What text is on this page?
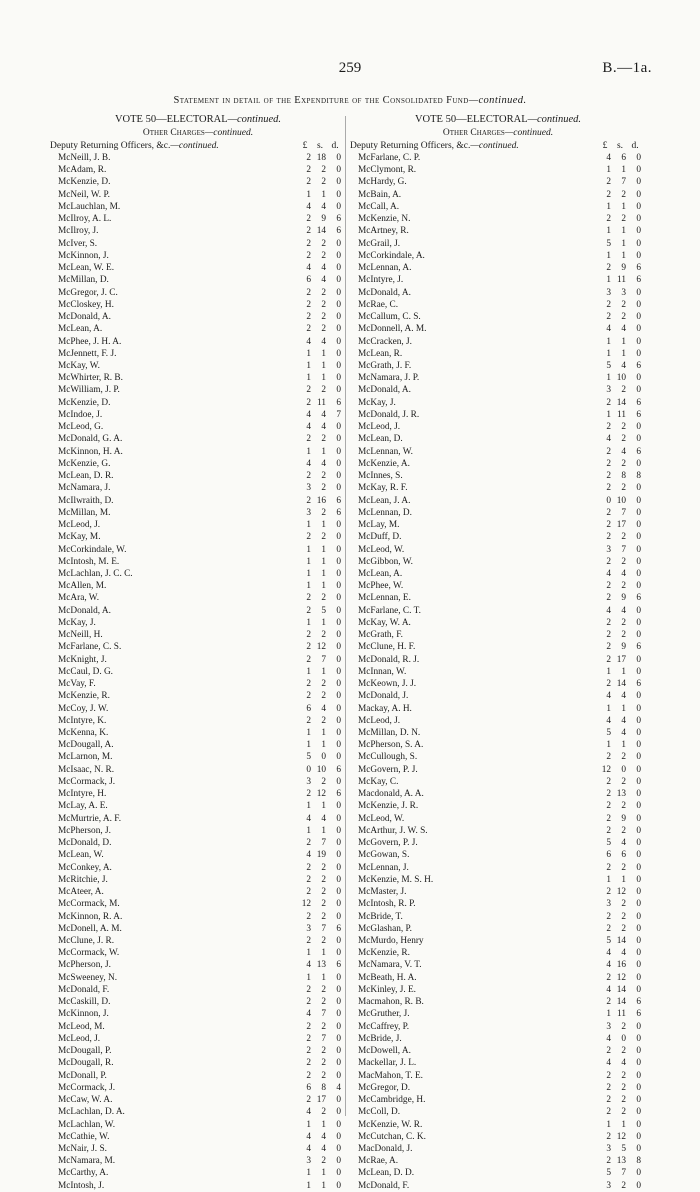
259	B.—1a.
Statement in detail of the Expenditure of the Consolidated Fund—continued.
VOTE 50—ELECTORAL—continued.
Other Charges—continued.
Deputy Returning Officers, &c.—continued.	£	s. d.
McNeill, J. B.	2 18	0
McAdam, R.	2	2	0
McKenzie, D.	2	2	0
McNeil, W. P.	1	1	0
McLauchlan, M.	4	4	0
McIlroy, A. L.	2	9	6
McIlroy, J.	2 14	6
McIver, S.	2	2	0
McKinnon, J.	2	2	0
McLean, W. E.	4	4	0
McMillan, D.	6	4	0
McGregor, J. C.	2	2	0
McCloskey, H.	2	2	0
McDonald, A.	2	2	0
McLean, A.	2	2	0
McPhee, J. H. A.	4	4	0
McJennett, F. J.	1	1	0
McKay, W.	1	1	0
McWhirter, R. B.	1	1	0
McWilliam, J. P.	2	2	0
McKenzie, D.	2 11	6
McIndoe, J.	4	4	7
McLeod, G.	4	4	0
McDonald, G. A.	2	2	0
McKinnon, H. A.	1	1	0
McKenzie, G.	4	4	0
McLean, D. R.	2	2	0
McNamara, J.	3	2	0
McIlwraith, D.	2 16	6
McMillan, M.	3	2	6
McLeod, J.	1	1	0
McKay, M.	2	2	0
McCorkindale, W.	1	1	0
McIntosh, M. E.	1	1	0
McLachlan, J. C. C.	1	1	0
McAllen, M.	1	1	0
McAra, W.	2	2	0
McDonald, A.	2	5	0
McKay, J.	1	1	0
McNeill, H.	2	2	0
McFarlane, C. S.	2 12	0
McKnight, J.	2	7	0
McCaul, D. G.	1	1	0
McVay, F.	2	2	0
McKenzie, R.	2	2	0
McCoy, J. W.	6	4	0
McIntyre, K.	2	2	0
McKenna, K.	1	1	0
McDougall, A.	1	1	0
McLarnon, M.	5	0	0
McIsaac, N. R.	0 10	6
McCormack, J.	3	2	0
McIntyre, H.	2 12	6
McLay, A. E.	1	1	0
McMurtrie, A. F.	4	4	0
McPherson, J.	1	1	0
McDonald, D.	2	7	0
McLean, W.	4 19	0
McConkey, A.	2	2	0
McRitchie, J.	2	2	0
McAteer, A.	2	2	0
McCormack, M.	12	2	0
McKinnon, R. A.	2	2	0
McDonell, A. M.	3	7	6
McClune, J. R.	2	2	0
McCormack, W.	1	1	0
McPherson, J.	4 13	6
McSweeney, N.	1	1	0
McDonald, F.	2	2	0
McCaskill, D.	2	2	0
McKinnon, J.	4	7	0
McLeod, M.	2	2	0
McLeod, J.	2	7	0
McDougall, P.	2	2	0
McDougall, R.	2	2	0
McDonall, P.	2	2	0
McCormack, J.	6	8	4
McCaw, W. A.	2 17	0
McLachlan, D. A.	4	2	0
McLachlan, W.	1	1	0
McCathie, W.	4	4	0
McNair, J. S.	4	4	0
McNamara, M.	3	2	0
McCarthy, A.	1	1	0
McIntosh, J.	1	1	0
VOTE 50—ELECTORAL—continued.
Other Charges—continued.
Deputy Returning Officers, &c.—continued.	£	s. d.
McFarlane, C. P.	4	6	0
McClymont, R.	1	1	0
McHardy, G.	2	7	0
McBain, A.	2	2	0
McCall, A.	1	1	0
McKenzie, N.	2	2	0
McArtney, R.	1	1	0
McGrail, J.	5	1	0
McCorkindale, A.	1	1	0
McLennan, A.	2	9	6
McIntyre, J.	1 11	6
McDonald, A.	3	3	0
McRae, C.	2	2	0
McCallum, C. S.	2	2	0
McDonnell, A. M.	4	4	0
McCracken, J.	1	1	0
McLean, R.	1	1	0
McGrath, J. F.	5	4	6
McNamara, J. P.	1 10	0
McDonald, A.	3	2	0
McKay, J.	2 14	6
McDonald, J. R.	1 11	6
McLeod, J.	2	2	0
McLean, D.	4	2	0
McLennan, W.	2	4	6
McKenzie, A.	2	2	0
McInnes, S.	2	8	8
McKay, R. F.	2	2	0
McLean, J. A.	0 10	0
McLennan, D.	2	7	0
McLay, M.	2 17	0
McDuff, D.	2	2	0
McLeod, W.	3	7	0
McGibbon, W.	2	2	0
McLean, A.	4	4	0
McPhee, W.	2	2	0
McLennan, E.	2	9	6
McFarlane, C. T.	4	4	0
McKay, W. A.	2	2	0
McGrath, F.	2	2	0
McClune, H. F.	2	9	6
McDonald, R. J.	2 17	0
McInnan, W.	1	1	0
McKeown, J. J.	2 14	6
McDonald, J.	4	4	0
Mackay, A. H.	1	1	0
McLeod, J.	4	4	0
McMillan, D. N.	5	4	0
McPherson, S. A.	1	1	0
McCullough, S.	2	2	0
McGovern, P. J.	12	0	0
McKay, C.	2	2	0
Macdonald, A. A.	2 13	0
McKenzie, J. R.	2	2	0
McLeod, W.	2	9	0
McArthur, J. W. S.	2	2	0
McGovern, P. J.	5	4	0
McGowan, S.	6	6	0
McLennan, J.	2	2	0
McKenzie, M. S. H.	1	1	0
McMaster, J.	2 12	0
McIntosh, R. P.	3	2	0
McBride, T.	2	2	0
McGlashan, P.	2	2	0
McMurdo, Henry	5 14	0
McKenzie, R.	4	4	0
McNamara, V. T.	4 16	0
McBeath, H. A.	2 12	0
McKinley, J. E.	4 14	0
Macmahon, R. B.	2 14	6
McGruther, J.	1 11	6
McCaffrey, P.	3	2	0
McBride, J.	4	0	0
McDowell, A.	2	2	0
Mackellar, J. L.	4	4	0
MacMahon, T. E.	2	2	0
McGregor, D.	2	2	0
McCambridge, H.	2	2	0
McColl, D.	2	2	0
McKenzie, W. R.	1	1	0
McCutchan, C. K.	2 12	0
MacDonald, J.	3	5	0
McRae, A.	2 13	8
McLean, D. D.	5	7	0
McDonald, F.	3	2	0
